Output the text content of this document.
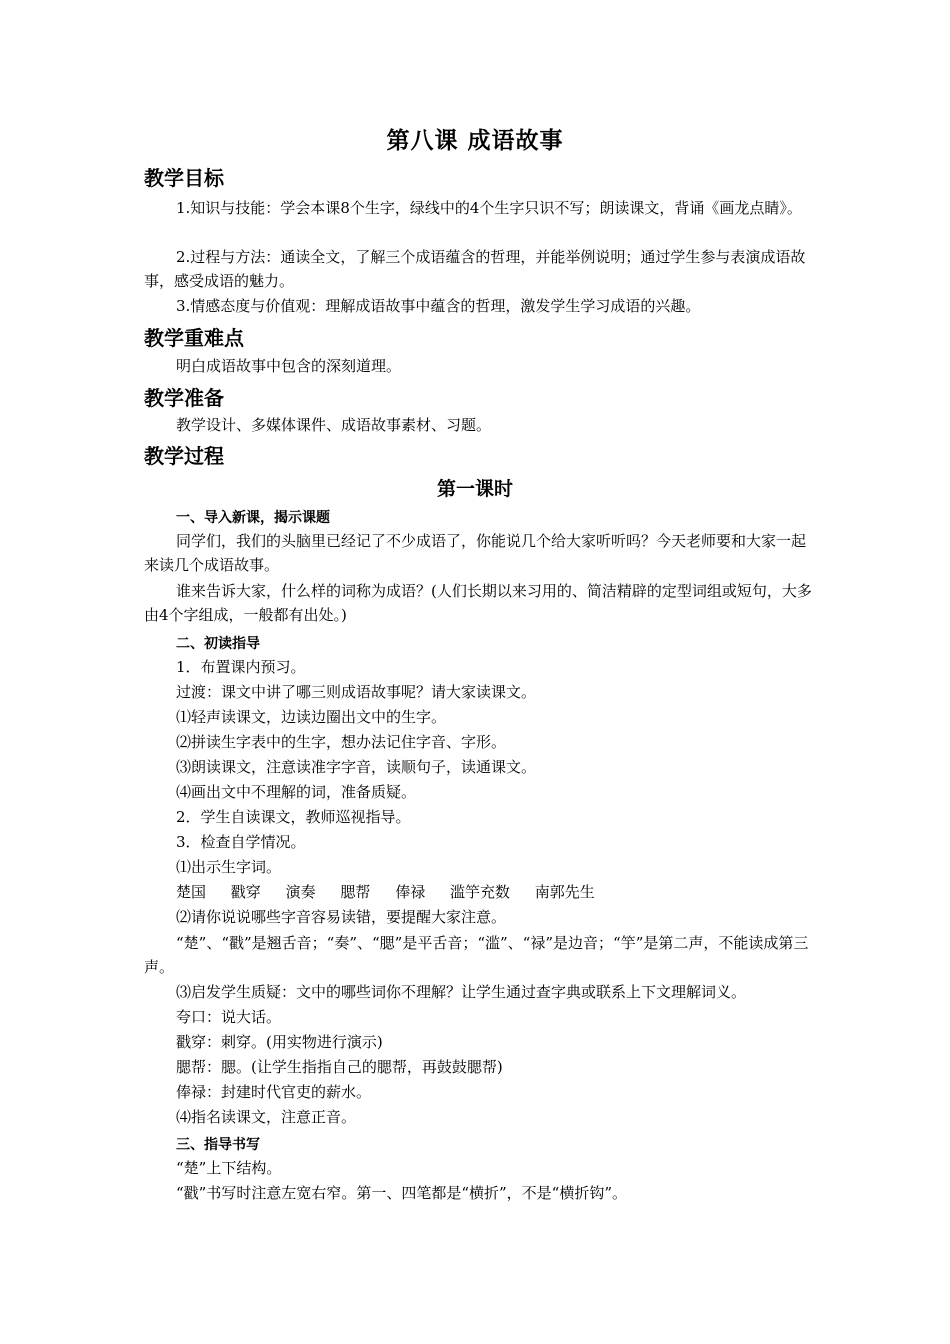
第八课 成语故事
教学目标
1.知识与技能：学会本课8个生字，绿线中的4个生字只识不写；朗读课文，背诵《画龙点睛》。
2.过程与方法：通读全文，了解三个成语蕴含的哲理，并能举例说明；通过学生参与表演成语故事，感受成语的魅力。
3.情感态度与价值观：理解成语故事中蕴含的哲理，激发学生学习成语的兴趣。
教学重难点
明白成语故事中包含的深刻道理。
教学准备
教学设计、多媒体课件、成语故事素材、习题。
教学过程
第一课时
一、导入新课，揭示课题
同学们，我们的头脑里已经记了不少成语了，你能说几个给大家听听吗？今天老师要和大家一起来读几个成语故事。
谁来告诉大家，什么样的词称为成语？(人们长期以来习用的、简洁精辟的定型词组或短句，大多由4个字组成，一般都有出处。)
二、初读指导
1．布置课内预习。
过渡：课文中讲了哪三则成语故事呢？请大家读课文。
⑴轻声读课文，边读边圈出文中的生字。
⑵拼读生字表中的生字，想办法记住字音、字形。
⑶朗读课文，注意读准字字音，读顺句子，读通课文。
⑷画出文中不理解的词，准备质疑。
2．学生自读课文，教师巡视指导。
3．检查自学情况。
⑴出示生字词。
楚国 戳穿 演奏 腮帮 俸禄 滥竽充数 南郭先生
⑵请你说说哪些字音容易读错，要提醒大家注意。
“楚”、“戳”是翘舌音；“奏”、“腮”是平舌音；“滥”、“禄”是边音；“竽”是第二声，不能读成第三声。
⑶启发学生质疑：文中的哪些词你不理解？让学生通过查字典或联系上下文理解词义。
夸口：说大话。
戳穿：刺穿。(用实物进行演示)
腮帮：腮。(让学生指指自己的腮帮，再鼓鼓腮帮)
俸禄：封建时代官吏的薪水。
⑷指名读课文，注意正音。
三、指导书写
“楚”上下结构。
“戳”书写时注意左宽右窄。第一、四笔都是“横折”，不是“横折钩”。
